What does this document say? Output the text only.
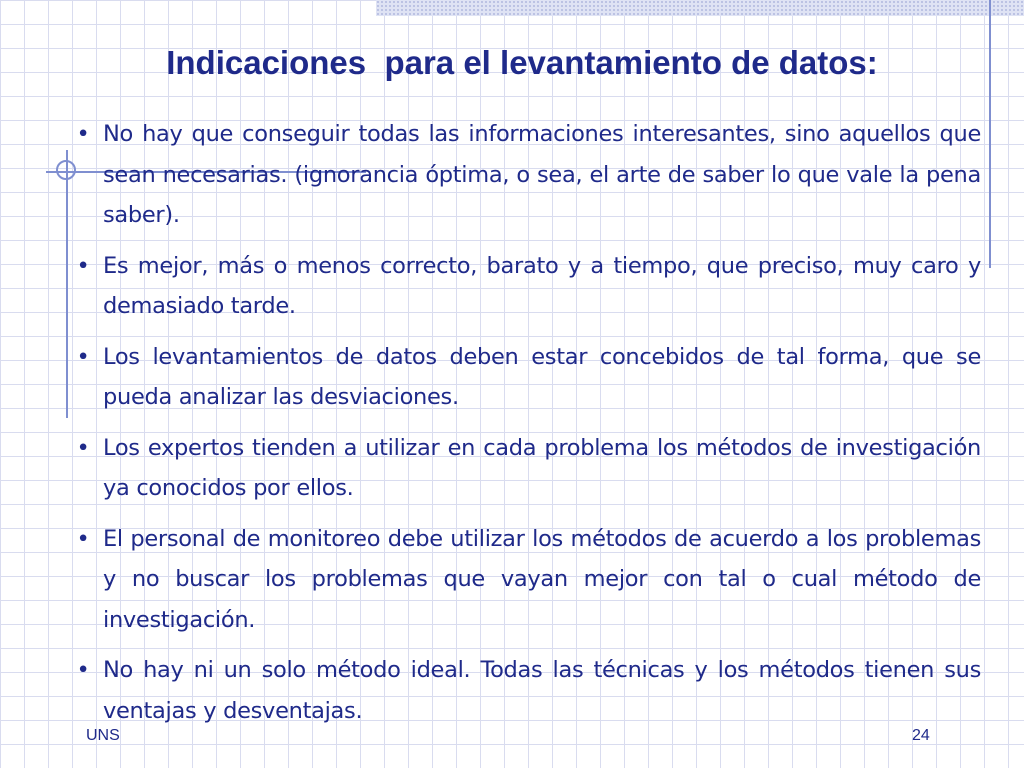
Indicaciones  para el levantamiento de datos:
• No hay que conseguir todas las informaciones interesantes, sino aquellos que sean necesarias. (ignorancia óptima, o sea, el arte de saber lo que vale la pena saber).
• Es mejor, más o menos correcto, barato y a tiempo, que preciso, muy caro y demasiado tarde.
• Los levantamientos de datos deben estar concebidos de tal forma, que se pueda analizar las desviaciones.
• Los expertos tienden a utilizar en cada problema los métodos de investigación ya conocidos por ellos.
• El personal de monitoreo debe utilizar los métodos de acuerdo a los problemas y no buscar los problemas que vayan mejor con tal o cual método de investigación.
• No hay ni un solo método ideal. Todas las técnicas y los métodos tienen sus ventajas y desventajas.
UNS	24
